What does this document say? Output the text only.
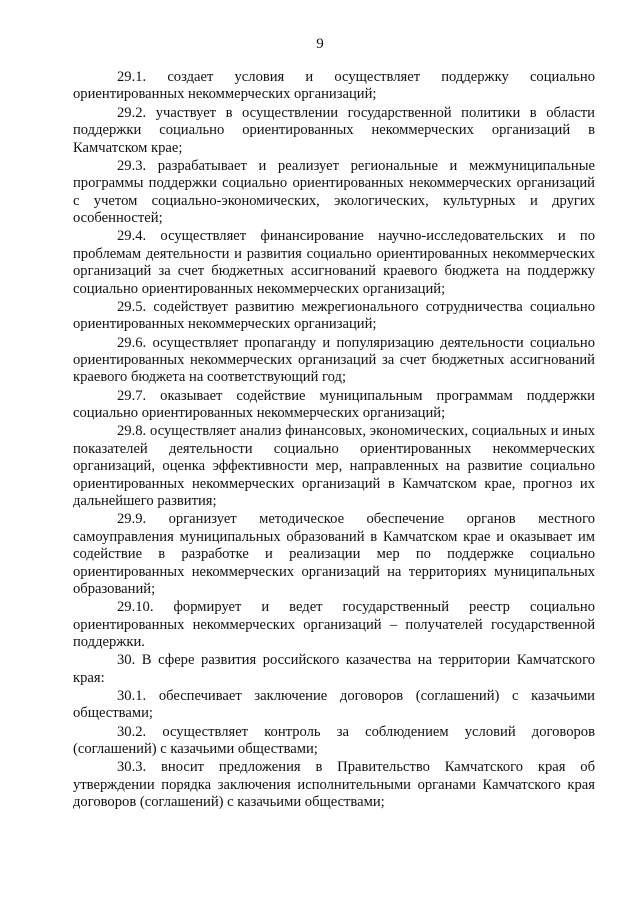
9

29.1. создает условия и осуществляет поддержку социально ориентированных некоммерческих организаций;

29.2. участвует в осуществлении государственной политики в области поддержки социально ориентированных некоммерческих организаций в Камчатском крае;

29.3. разрабатывает и реализует региональные и межмуниципальные программы поддержки социально ориентированных некоммерческих организаций с учетом социально-экономических, экологических, культурных и других особенностей;

29.4. осуществляет финансирование научно-исследовательских и по проблемам деятельности и развития социально ориентированных некоммерческих организаций за счет бюджетных ассигнований краевого бюджета на поддержку социально ориентированных некоммерческих организаций;

29.5. содействует развитию межрегионального сотрудничества социально ориентированных некоммерческих организаций;

29.6. осуществляет пропаганду и популяризацию деятельности социально ориентированных некоммерческих организаций за счет бюджетных ассигнований краевого бюджета на соответствующий год;

29.7. оказывает содействие муниципальным программам поддержки социально ориентированных некоммерческих организаций;

29.8. осуществляет анализ финансовых, экономических, социальных и иных показателей деятельности социально ориентированных некоммерческих организаций, оценка эффективности мер, направленных на развитие социально ориентированных некоммерческих организаций в Камчатском крае, прогноз их дальнейшего развития;

29.9. организует методическое обеспечение органов местного самоуправления муниципальных образований в Камчатском крае и оказывает им содействие в разработке и реализации мер по поддержке социально ориентированных некоммерческих организаций на территориях муниципальных образований;

29.10. формирует и ведет государственный реестр социально ориентированных некоммерческих организаций – получателей государственной поддержки.

30. В сфере развития российского казачества на территории Камчатского края:

30.1. обеспечивает заключение договоров (соглашений) с казачьими обществами;

30.2. осуществляет контроль за соблюдением условий договоров (соглашений) с казачьими обществами;

30.3. вносит предложения в Правительство Камчатского края об утверждении порядка заключения исполнительными органами Камчатского края договоров (соглашений) с казачьими обществами;
